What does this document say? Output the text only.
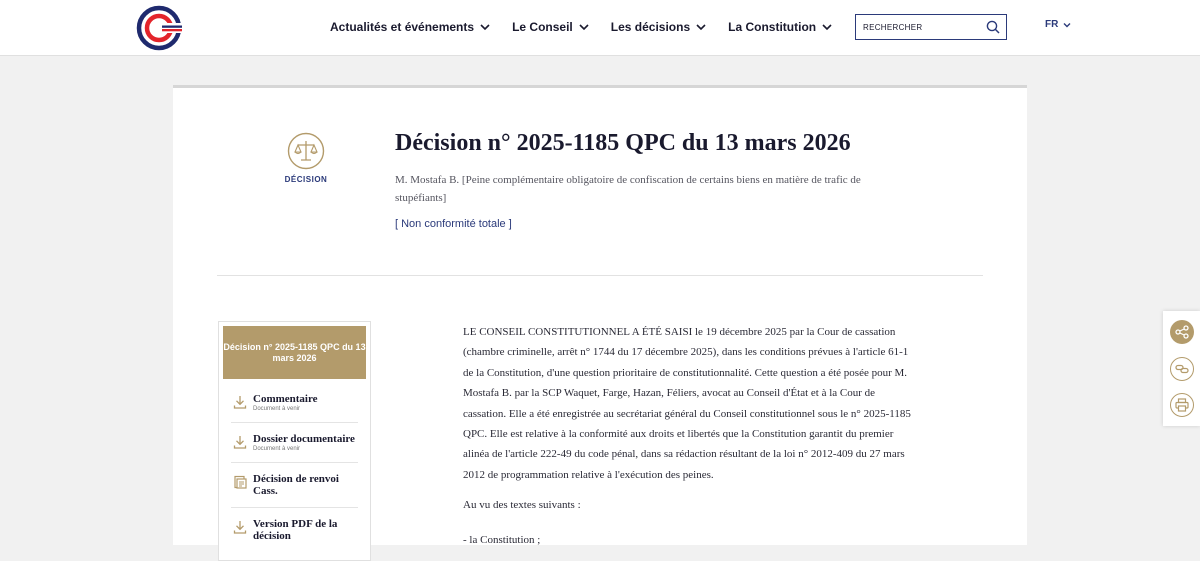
Actualités et événements	Le Conseil	Les décisions	La Constitution
RECHERCHER	FR
DÉCISION
Décision n° 2025-1185 QPC du 13 mars 2026

M. Mostafa B. [Peine complémentaire obligatoire de confiscation de certains biens en matière de trafic de stupéfiants]

[ Non conformité totale ]
Décision n° 2025-1185 QPC du 13 mars 2026
Commentaire
Document à venir
Dossier documentaire
Document à venir
Décision de renvoi Cass.
Version PDF de la décision

LE CONSEIL CONSTITUTIONNEL A ÉTÉ SAISI le 19 décembre 2025 par la Cour de cassation (chambre criminelle, arrêt n° 1744 du 17 décembre 2025), dans les conditions prévues à l'article 61-1 de la Constitution, d'une question prioritaire de constitutionnalité. Cette question a été posée pour M. Mostafa B. par la SCP Waquet, Farge, Hazan, Féliers, avocat au Conseil d'État et à la Cour de cassation. Elle a été enregistrée au secrétariat général du Conseil constitutionnel sous le n° 2025-1185 QPC. Elle est relative à la conformité aux droits et libertés que la Constitution garantit du premier alinéa de l'article 222-49 du code pénal, dans sa rédaction résultant de la loi n° 2012-409 du 27 mars 2012 de programmation relative à l'exécution des peines.

Au vu des textes suivants :

- la Constitution ;
